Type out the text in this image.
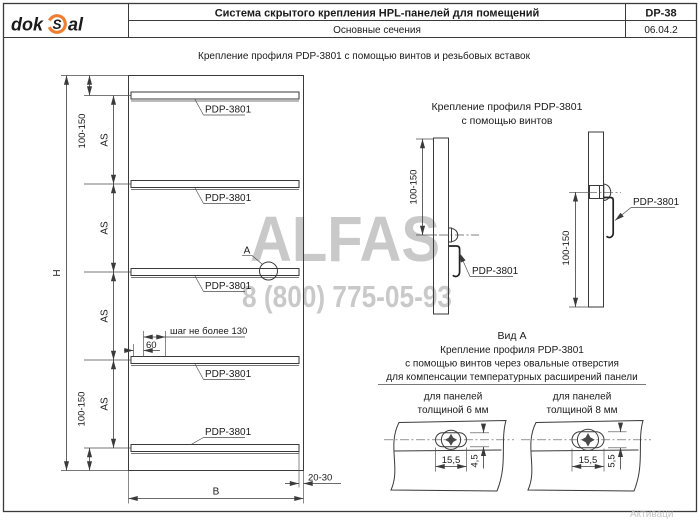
ALFAS
8 (800) 775-05-93
dok S al
Система скрытого крепления HPL-панелей для помещений	DP-38
Основные сечения	06.04.2
Крепление профиля PDP-3801 с помощью винтов и резьбовых вставок
H
100-150
100-150
AS
AS
AS
AS
шаг не более 130
60
B
20-30
A
PDP-3801
PDP-3801
PDP-3801
PDP-3801
PDP-3801
Крепление профиля PDP-3801
с помощью винтов
100-150
PDP-3801
PDP-3801
100-150
Вид А
Крепление профиля PDP-3801
с помощью винтов через овальные отверстия
для компенсации температурных расширений панели
для панелей
толщиной 6 мм
для панелей
толщиной 8 мм
15,5 4,5	15,5 5,5
Активаци
